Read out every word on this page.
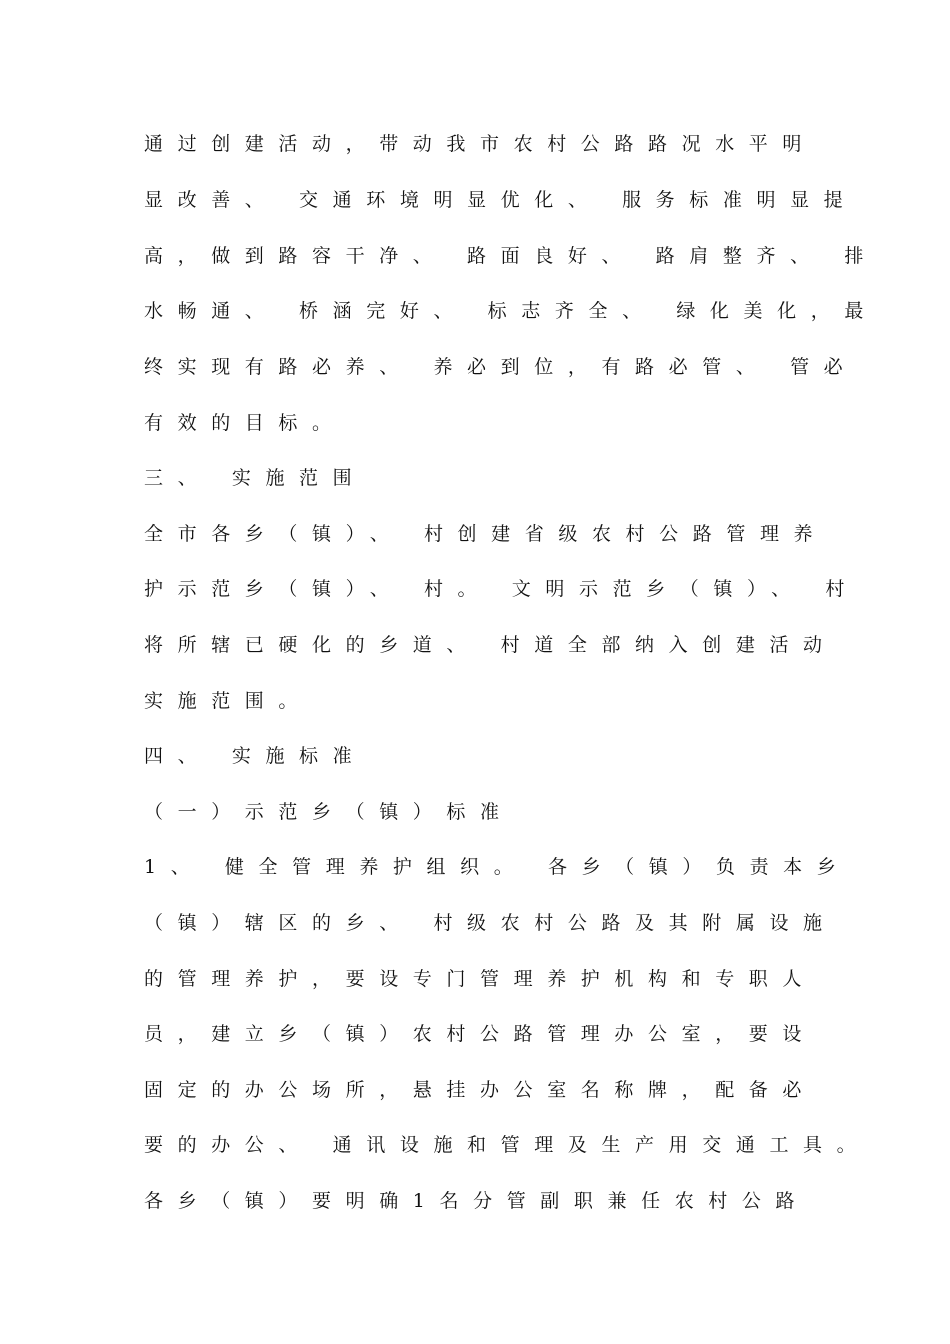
通过创建活动，带动我市农村公路路况水平明
显改善、 交通环境明显优化、 服务标准明显提
高，做到路容干净、 路面良好、 路肩整齐、 排
水畅通、 桥涵完好、 标志齐全、 绿化美化，最
终实现有路必养、 养必到位，有路必管、 管必
有效的目标。
三、 实施范围
全市各乡（镇）、 村创建省级农村公路管理养
护示范乡（镇）、 村。 文明示范乡（镇）、 村
将所辖已硬化的乡道、 村道全部纳入创建活动
实施范围。
四、 实施标准
（一）示范乡（镇）标准
1、 健全管理养护组织。 各乡（镇）负责本乡
（镇）辖区的乡、 村级农村公路及其附属设施
的管理养护，要设专门管理养护机构和专职人
员，建立乡（镇）农村公路管理办公室，要设
固定的办公场所，悬挂办公室名称牌，配备必
要的办公、 通讯设施和管理及生产用交通工具。
各乡（镇）要明确1名分管副职兼任农村公路
